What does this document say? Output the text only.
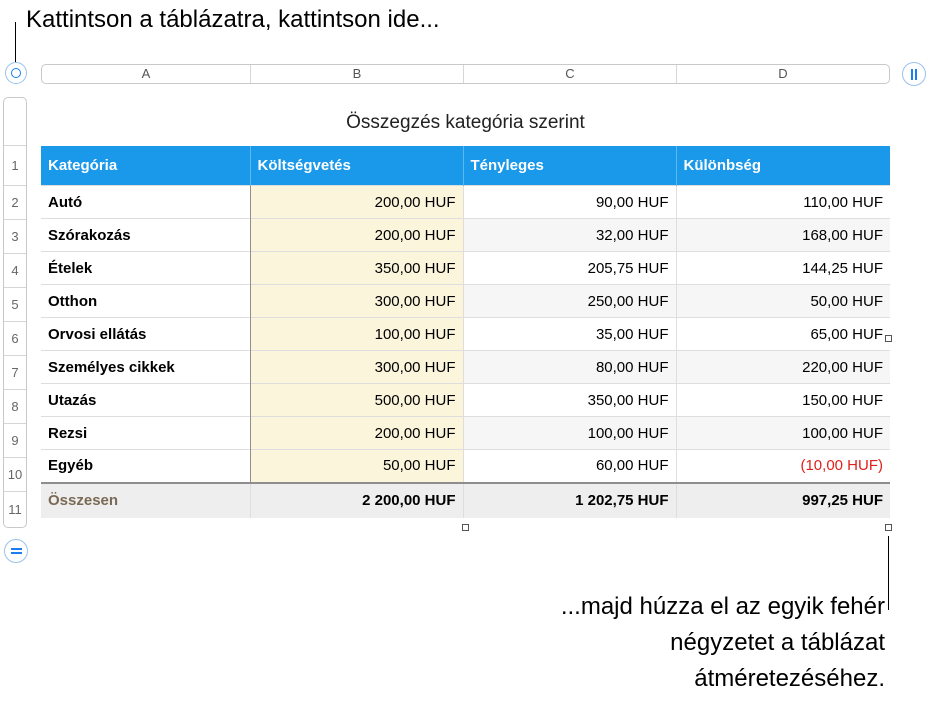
Kattintson a táblázatra, kattintson ide...
A	B	C	D
1
2
3
4
5
6
7
8
9
10
11
Összegzés kategória szerint
Kategória	Költségvetés	Tényleges	Különbség
Autó	200,00 HUF	90,00 HUF	110,00 HUF
Szórakozás	200,00 HUF	32,00 HUF	168,00 HUF
Ételek	350,00 HUF	205,75 HUF	144,25 HUF
Otthon	300,00 HUF	250,00 HUF	50,00 HUF
Orvosi ellátás	100,00 HUF	35,00 HUF	65,00 HUF
Személyes cikkek	300,00 HUF	80,00 HUF	220,00 HUF
Utazás	500,00 HUF	350,00 HUF	150,00 HUF
Rezsi	200,00 HUF	100,00 HUF	100,00 HUF
Egyéb	50,00 HUF	60,00 HUF	(10,00 HUF)
Összesen	2 200,00 HUF	1 202,75 HUF	997,25 HUF
...majd húzza el az egyik fehér négyzetet a táblázat átméretezéséhez.
